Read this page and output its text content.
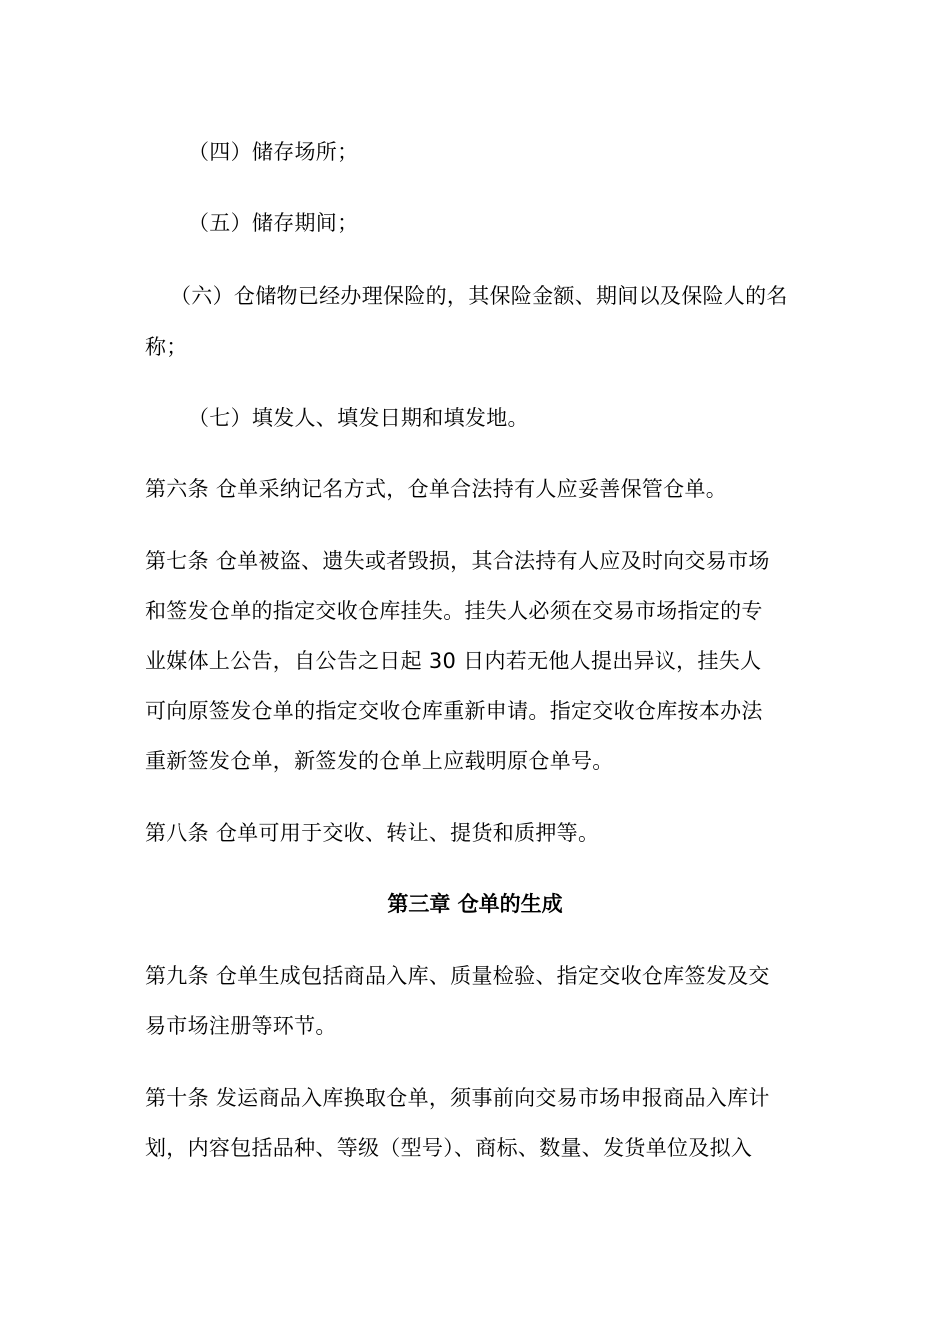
（四）储存场所；
（五）储存期间；
（六）仓储物已经办理保险的，其保险金额、期间以及保险人的名
称；
（七）填发人、填发日期和填发地。
第六条 仓单采纳记名方式，仓单合法持有人应妥善保管仓单。
第七条 仓单被盗、遗失或者毁损，其合法持有人应及时向交易市场
和签发仓单的指定交收仓库挂失。挂失人必须在交易市场指定的专
业媒体上公告，自公告之日起 30 日内若无他人提出异议，挂失人
可向原签发仓单的指定交收仓库重新申请。指定交收仓库按本办法
重新签发仓单，新签发的仓单上应载明原仓单号。
第八条 仓单可用于交收、转让、提货和质押等。
第三章 仓单的生成
第九条 仓单生成包括商品入库、质量检验、指定交收仓库签发及交
易市场注册等环节。
第十条 发运商品入库换取仓单，须事前向交易市场申报商品入库计
划，内容包括品种、等级（型号）、商标、数量、发货单位及拟入
